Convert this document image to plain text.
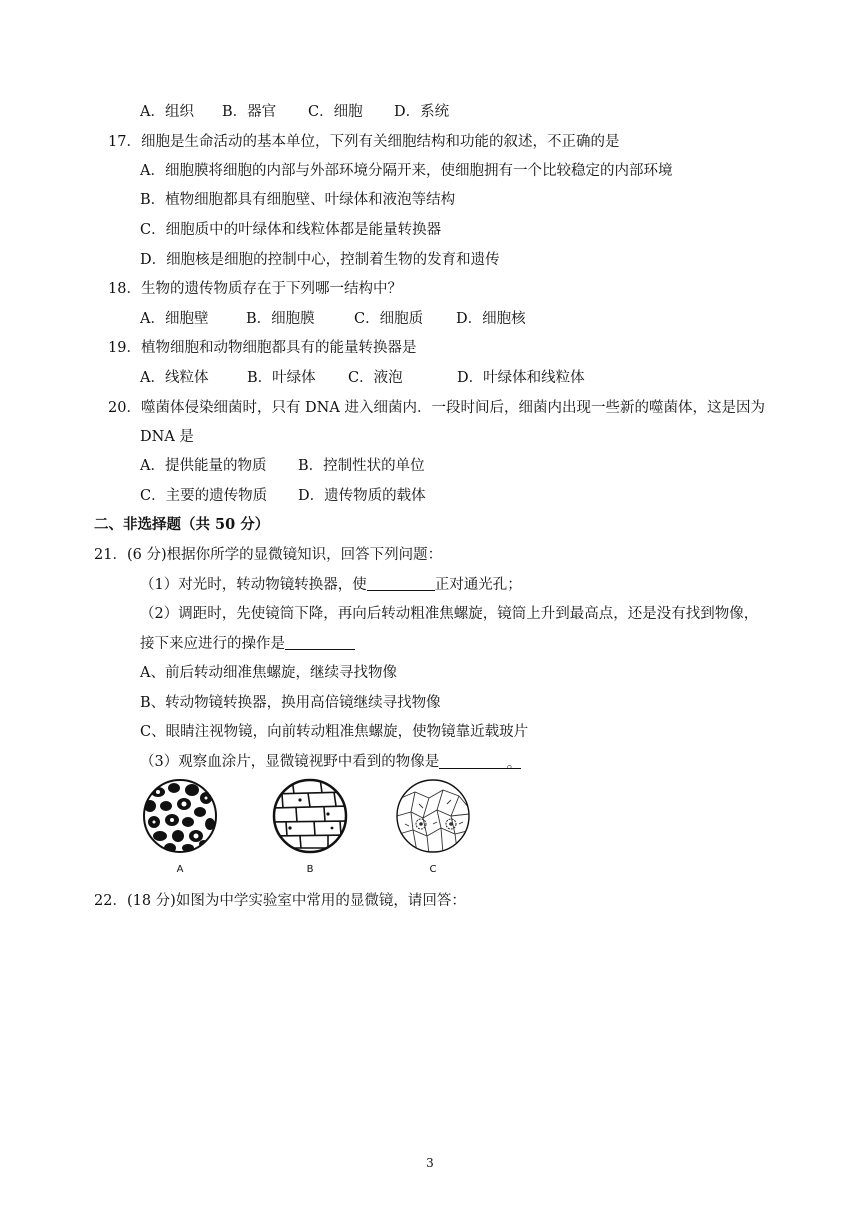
A．组织 B．器官 C．细胞 D．系统
17．细胞是生命活动的基本单位，下列有关细胞结构和功能的叙述，不正确的是
A．细胞膜将细胞的内部与外部环境分隔开来，使细胞拥有一个比较稳定的内部环境
B．植物细胞都具有细胞壁、叶绿体和液泡等结构
C．细胞质中的叶绿体和线粒体都是能量转换器
D．细胞核是细胞的控制中心，控制着生物的发育和遗传
18．生物的遗传物质存在于下列哪一结构中？
A．细胞壁	B．细胞膜	C．细胞质 D．细胞核
19．植物细胞和动物细胞都具有的能量转换器是
A．线粒体	B．叶绿体 C．液泡	D．叶绿体和线粒体
20．噬菌体侵染细菌时，只有 DNA 进入细菌内．一段时间后，细菌内出现一些新的噬菌体，这是因为
DNA 是
A．提供能量的物质 B．控制性状的单位
C．主要的遗传物质 D．遗传物质的载体
二、非选择题（共 50 分）
21．(6 分)根据你所学的显微镜知识，回答下列问题：
（1）对光时，转动物镜转换器，使	正对通光孔；
（2）调距时，先使镜筒下降，再向后转动粗准焦螺旋，镜筒上升到最高点，还是没有找到物像，
接下来应进行的操作是
A、前后转动细准焦螺旋，继续寻找物像
B、转动物镜转换器，换用高倍镜继续寻找物像
C、眼睛注视物镜，向前转动粗准焦螺旋，使物镜靠近载玻片
（3）观察血涂片，显微镜视野中看到的物像是	。
A	B	C
22．(18 分)如图为中学实验室中常用的显微镜，请回答：
3
